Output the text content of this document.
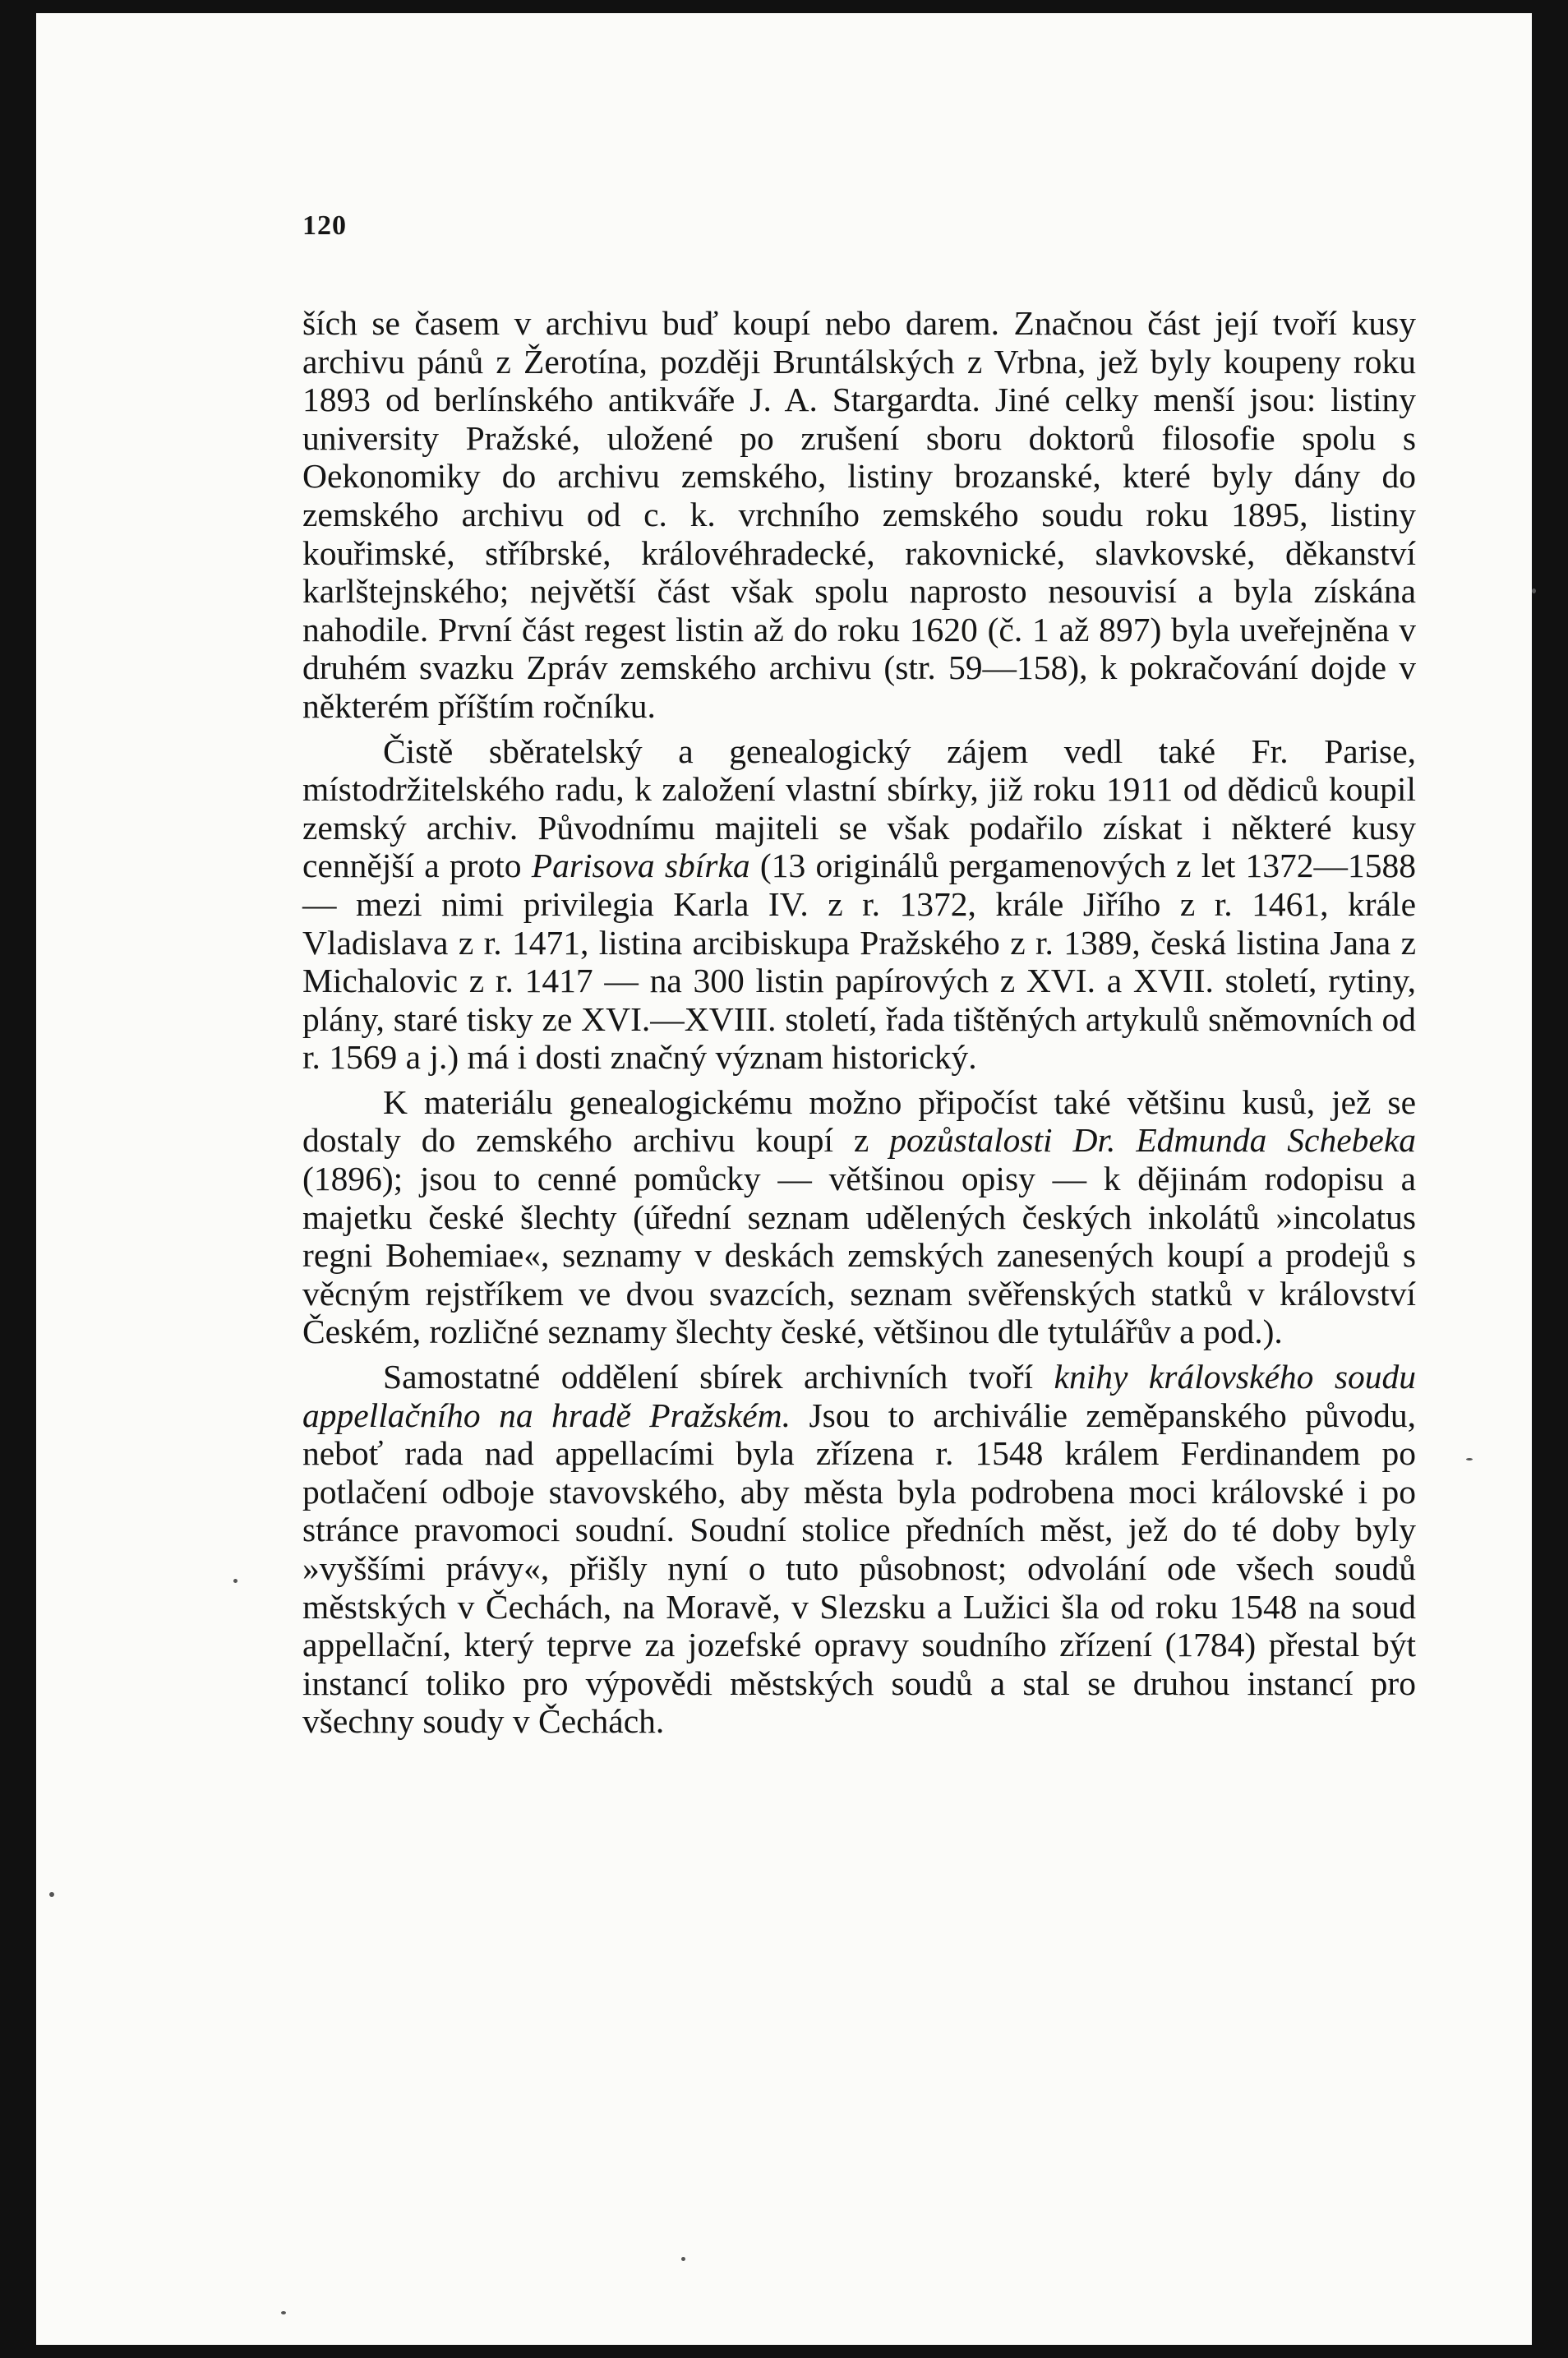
120

ších se časem v archivu buď koupí nebo darem. Značnou část její tvoří kusy archivu pánů z Žerotína, později Bruntálských z Vrbna, jež byly koupeny roku 1893 od berlínského antikváře J. A. Stargardta. Jiné celky menší jsou: listiny university Pražské, uložené po zrušení sboru doktorů filosofie spolu s Oekonomiky do archivu zemského, listiny brozanské, které byly dány do zemského archivu od c. k. vrchního zemského soudu roku 1895, listiny kouřimské, stříbrské, královéhradecké, rakovnické, slavkovské, děkanství karlštejnského; největší část však spolu naprosto nesouvisí a byla získána nahodile. První část regest listin až do roku 1620 (č. 1 až 897) byla uveřejněna v druhém svazku Zpráv zemského archivu (str. 59—158), k pokračování dojde v některém příštím ročníku.

Čistě sběratelský a genealogický zájem vedl také Fr. Parise, místodržitelského radu, k založení vlastní sbírky, již roku 1911 od dědiců koupil zemský archiv. Původnímu majiteli se však podařilo získat i některé kusy cennější a proto Parisova sbírka (13 originálů pergamenových z let 1372—1588 — mezi nimi privilegia Karla IV. z r. 1372, krále Jiřího z r. 1461, krále Vladislava z r. 1471, listina arcibiskupa Pražského z r. 1389, česká listina Jana z Michalovic z r. 1417 — na 300 listin papírových z XVI. a XVII. století, rytiny, plány, staré tisky ze XVI.—XVIII. století, řada tištěných artykulů sněmovních od r. 1569 a j.) má i dosti značný význam historický.

K materiálu genealogickému možno připočíst také většinu kusů, jež se dostaly do zemského archivu koupí z pozůstalosti Dr. Edmunda Schebeka (1896); jsou to cenné pomůcky — většinou opisy — k dějinám rodopisu a majetku české šlechty (úřední seznam udělených českých inkolátů »incolatus regni Bohemiae«, seznamy v deskách zemských zanesených koupí a prodejů s věcným rejstříkem ve dvou svazcích, seznam svěřenských statků v království Českém, rozličné seznamy šlechty české, většinou dle tytulářův a pod.).

Samostatné oddělení sbírek archivních tvoří knihy královského soudu appellačního na hradě Pražském. Jsou to archiválie zeměpanského původu, neboť rada nad appellacími byla zřízena r. 1548 králem Ferdinandem po potlačení odboje stavovského, aby města byla podrobena moci královské i po stránce pravomoci soudní. Soudní stolice předních měst, jež do té doby byly »vyššími právy«, přišly nyní o tuto působnost; odvolání ode všech soudů městských v Čechách, na Moravě, v Slezsku a Lužici šla od roku 1548 na soud appellační, který teprve za jozefské opravy soudního zřízení (1784) přestal být instancí toliko pro výpovědi městských soudů a stal se druhou instancí pro všechny soudy v Čechách.
